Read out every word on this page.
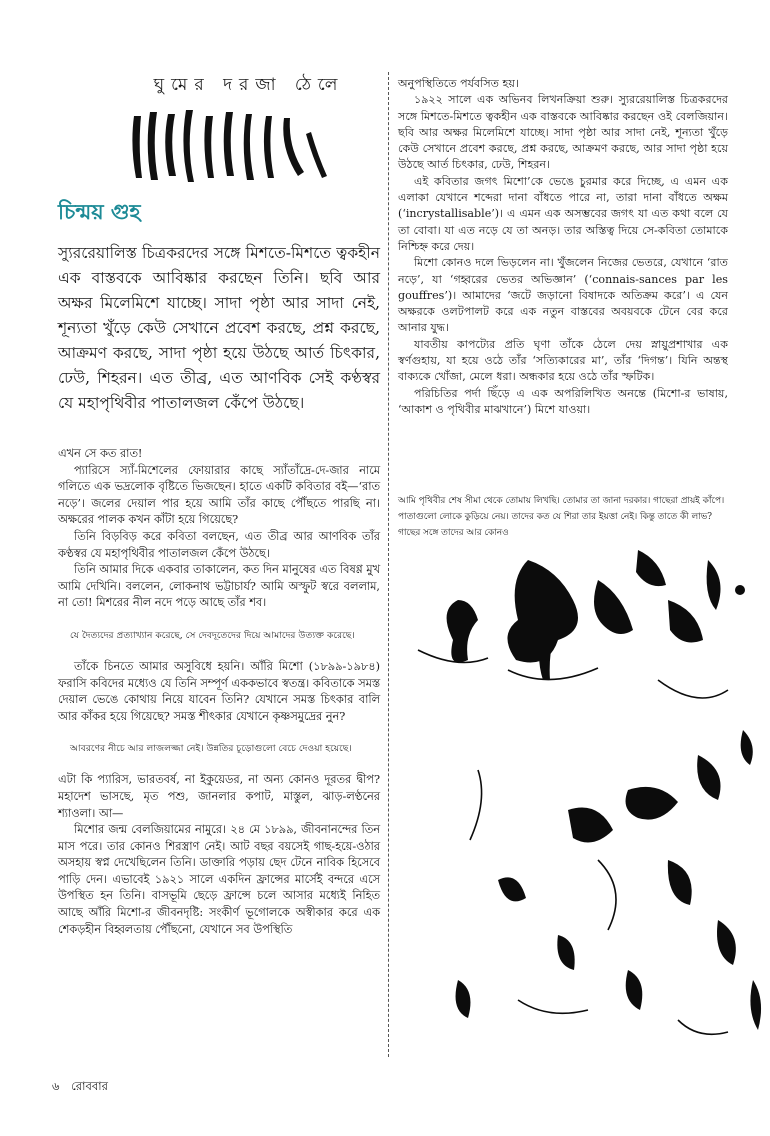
ঘুমের দরজা ঠেলে
চিন্ময় গুহ

স্যুররেয়ালিস্ত চিত্রকরদের সঙ্গে মিশতে-মিশতে ত্বকহীন এক বাস্তবকে আবিষ্কার করছেন তিনি। ছবি আর অক্ষর মিলেমিশে যাচ্ছে। সাদা পৃষ্ঠা আর সাদা নেই, শূন্যতা খুঁড়ে কেউ সেখানে প্রবেশ করছে, প্রশ্ন করছে, আক্রমণ করছে, সাদা পৃষ্ঠা হয়ে উঠছে আর্ত চিৎকার, ঢেউ, শিহরন। এত তীব্র, এত আণবিক সেই কণ্ঠস্বর যে মহাপৃথিবীর পাতালজল কেঁপে উঠছে।

এখন সে কত রাত!

প্যারিসে স্যাঁ-মিশেলের ফোয়ারার কাছে স্যাঁতাঁদ্রে-দে-জার নামে গলিতে এক ভদ্রলোক বৃষ্টিতে ভিজছেন। হাতে একটি কবিতার বই—‘রাত নড়ে’। জলের দেয়াল পার হয়ে আমি তাঁর কাছে পৌঁছতে পারছি না। অক্ষরের পালক কখন কাঁটা হয়ে গিয়েছে?

তিনি বিড়বিড় করে কবিতা বলছেন, এত তীব্র আর আণবিক তাঁর কণ্ঠস্বর যে মহাপৃথিবীর পাতালজল কেঁপে উঠছে।

তিনি আমার দিকে একবার তাকালেন, কত দিন মানুষের এত বিষণ্ণ মুখ আমি দেখিনি। বললেন, লোকনাথ ভট্টাচার্য? আমি অস্ফুট স্বরে বললাম, না তো! মিশরের নীল নদে পড়ে আছে তাঁর শব।

যে দৈত্যদের প্রত্যাখ্যান করেছে, সে দেবদূতেদের দিয়ে আমাদের উত্যক্ত করেছে।

তাঁকে চিনতে আমার অসুবিধে হয়নি। আঁরি মিশো (১৮৯৯-১৯৮৪) ফরাসি কবিদের মধ্যেও যে তিনি সম্পূর্ণ এককভাবে স্বতন্ত্র। কবিতাকে সমস্ত দেয়াল ভেঙে কোথায় নিয়ে যাবেন তিনি? যেখানে সমস্ত চিৎকার বালি আর কাঁকর হয়ে গিয়েছে? সমস্ত শীৎকার যেখানে কৃষ্ণসমুদ্রের নুন?

আবরণের নীচে আর লাজলজ্জা নেই। উন্নতির চূড়োগুলো বেচে দেওয়া হয়েছে।

এটা কি প্যারিস, ভারতবর্ষ, না ইকুয়েডর, না অন্য কোনও দূরতর দ্বীপ? মহাদেশ ভাসছে, মৃত পশু, জানলার কপাট, মাস্তুল, ঝাড়-লণ্ঠনের শ্যাওলা। আ—

মিশোর জন্ম বেলজিয়ামের নামুরে। ২৪ মে ১৮৯৯, জীবনানন্দের তিন মাস পরে। তার কোনও শিরস্ত্রাণ নেই। আট বছর বয়সেই গাছ-হয়ে-ওঠার অসহায় স্বপ্ন দেখেছিলেন তিনি। ডাক্তারি পড়ায় ছেদ টেনে নাবিক হিসেবে পাড়ি দেন। এভাবেই ১৯২১ সালে একদিন ফ্রান্সের মার্সেই বন্দরে এসে উপস্থিত হন তিনি। বাসভূমি ছেড়ে ফ্রান্সে চলে আসার মধ্যেই নিহিত আছে আঁরি মিশো-র জীবনদৃষ্টি: সংকীর্ণ ভূগোলকে অস্বীকার করে এক শেকড়হীন বিহ্বলতায় পৌঁছনো, যেখানে সব উপস্থিতি

অনুপস্থিতিতে পর্যবসিত হয়।

১৯২২ সালে এক অভিনব লিখনক্রিয়া শুরু। স্যুররেয়ালিস্ত চিত্রকরদের সঙ্গে মিশতে-মিশতে ত্বকহীন এক বাস্তবকে আবিষ্কার করছেন ওই বেলজিয়ান। ছবি আর অক্ষর মিলেমিশে যাচ্ছে। সাদা পৃষ্ঠা আর সাদা নেই, শূন্যতা খুঁড়ে কেউ সেখানে প্রবেশ করছে, প্রশ্ন করছে, আক্রমণ করছে, আর সাদা পৃষ্ঠা হয়ে উঠছে আর্ত চিৎকার, ঢেউ, শিহরন।

এই কবিতার জগৎ মিশো’কে ভেঙে চুরমার করে দিচ্ছে, এ এমন এক এলাকা যেখানে শব্দেরা দানা বাঁধতে পারে না, তারা দানা বাঁধতে অক্ষম (‘incrystallisable’)। এ এমন এক অসম্ভবের জগৎ যা এত কথা বলে যে তা বোবা। যা এত নড়ে যে তা অনড়। তার অস্তিত্ব দিয়ে সে-কবিতা তোমাকে নিশ্চিহ্ন করে দেয়।

মিশো কোনও দলে ভিড়লেন না। খুঁজলেন নিজের ভেতরে, যেখানে ‘রাত নড়ে’, যা ‘গহ্বরের ভেতর অভিজ্ঞান’ (‘connais-sances par les gouffres’)। আমাদের ‘জটে জড়ানো বিষাদকে অতিক্রম করে’। এ যেন অক্ষরকে ওলটপালট করে এক নতুন বাস্তবের অবয়বকে টেনে বের করে আনার যুদ্ধ।

যাবতীয় কাপট্যের প্রতি ঘৃণা তাঁকে ঠেলে দেয় স্নায়ুপ্রশাখার এক স্বর্ণগুহায়, যা হয়ে ওঠে তাঁর ‘সত্যিকারের মা’, তাঁর ‘দিগন্ত’। যিনি অন্তস্থ বাক্যকে খোঁজা, মেলে ধরা। অন্ধকার হয়ে ওঠে তাঁর স্ফটিক।

পরিচিতির পর্দা ছিঁড়ে এ এক অপরিলিখিত অনন্তে (মিশো-র ভাষায়, ‘আকাশ ও পৃথিবীর মাঝখানে’) মিশে যাওয়া।

আমি পৃথিবীর শেষ সীমা থেকে তোমায় লিখছি। তোমার তা জানা দরকার। গাছেরা প্রায়ই কাঁপে। পাতাগুলো লোকে কুড়িয়ে নেয়। তাদের কত যে শিরা তার ইয়ত্তা নেই। কিন্তু তাতে কী লাভ? গাছের সঙ্গে তাদের আর কোনও

৬ রোববার
